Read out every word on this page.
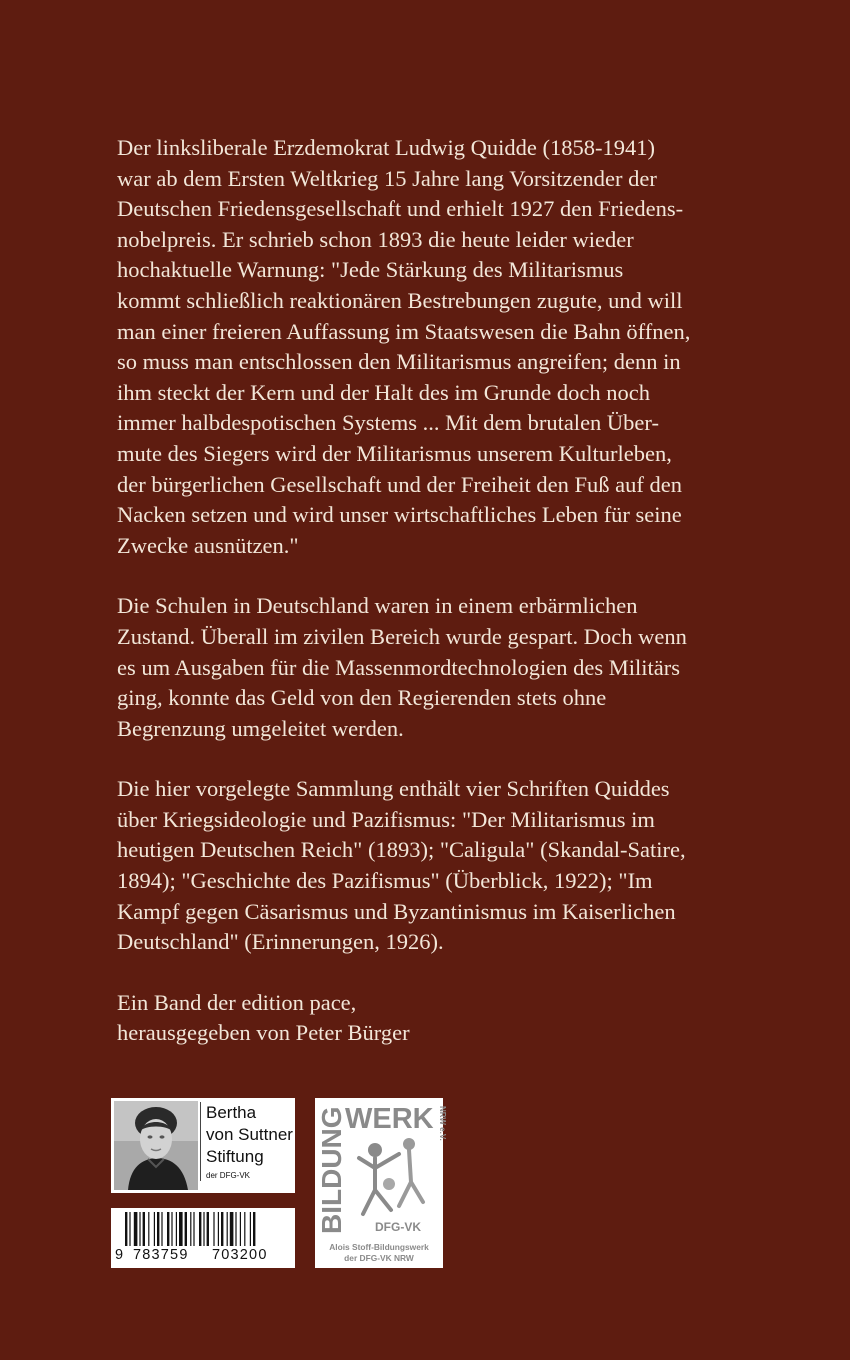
Der linksliberale Erzdemokrat Ludwig Quidde (1858-1941)
war ab dem Ersten Weltkrieg 15 Jahre lang Vorsitzender der
Deutschen Friedensgesellschaft und erhielt 1927 den Friedens-
nobelpreis. Er schrieb schon 1893 die heute leider wieder
hochaktuelle Warnung: "Jede Stärkung des Militarismus
kommt schließlich reaktionären Bestrebungen zugute, und will
man einer freieren Auffassung im Staatswesen die Bahn öffnen,
so muss man entschlossen den Militarismus angreifen; denn in
ihm steckt der Kern und der Halt des im Grunde doch noch
immer halbdespotischen Systems ... Mit dem brutalen Über-
mute des Siegers wird der Militarismus unserem Kulturleben,
der bürgerlichen Gesellschaft und der Freiheit den Fuß auf den
Nacken setzen und wird unser wirtschaftliches Leben für seine
Zwecke ausnützen."

Die Schulen in Deutschland waren in einem erbärmlichen
Zustand. Überall im zivilen Bereich wurde gespart. Doch wenn
es um Ausgaben für die Massenmordtechnologien des Militärs
ging, konnte das Geld von den Regierenden stets ohne
Begrenzung umgeleitet werden.

Die hier vorgelegte Sammlung enthält vier Schriften Quiddes
über Kriegsideologie und Pazifismus: "Der Militarismus im
heutigen Deutschen Reich" (1893); "Caligula" (Skandal-Satire,
1894); "Geschichte des Pazifismus" (Überblick, 1922); "Im
Kampf gegen Cäsarismus und Byzantinismus im Kaiserlichen
Deutschland" (Erinnerungen, 1926).

Ein Band der edition pace,
herausgegeben von Peter Bürger

Bertha
von Suttner
Stiftung
der DFG-VK
9 783759 703200
WERK NRW e.V.
BILDUNG DFG-VK
Alois Stoff-Bildungswerk
der DFG-VK NRW
